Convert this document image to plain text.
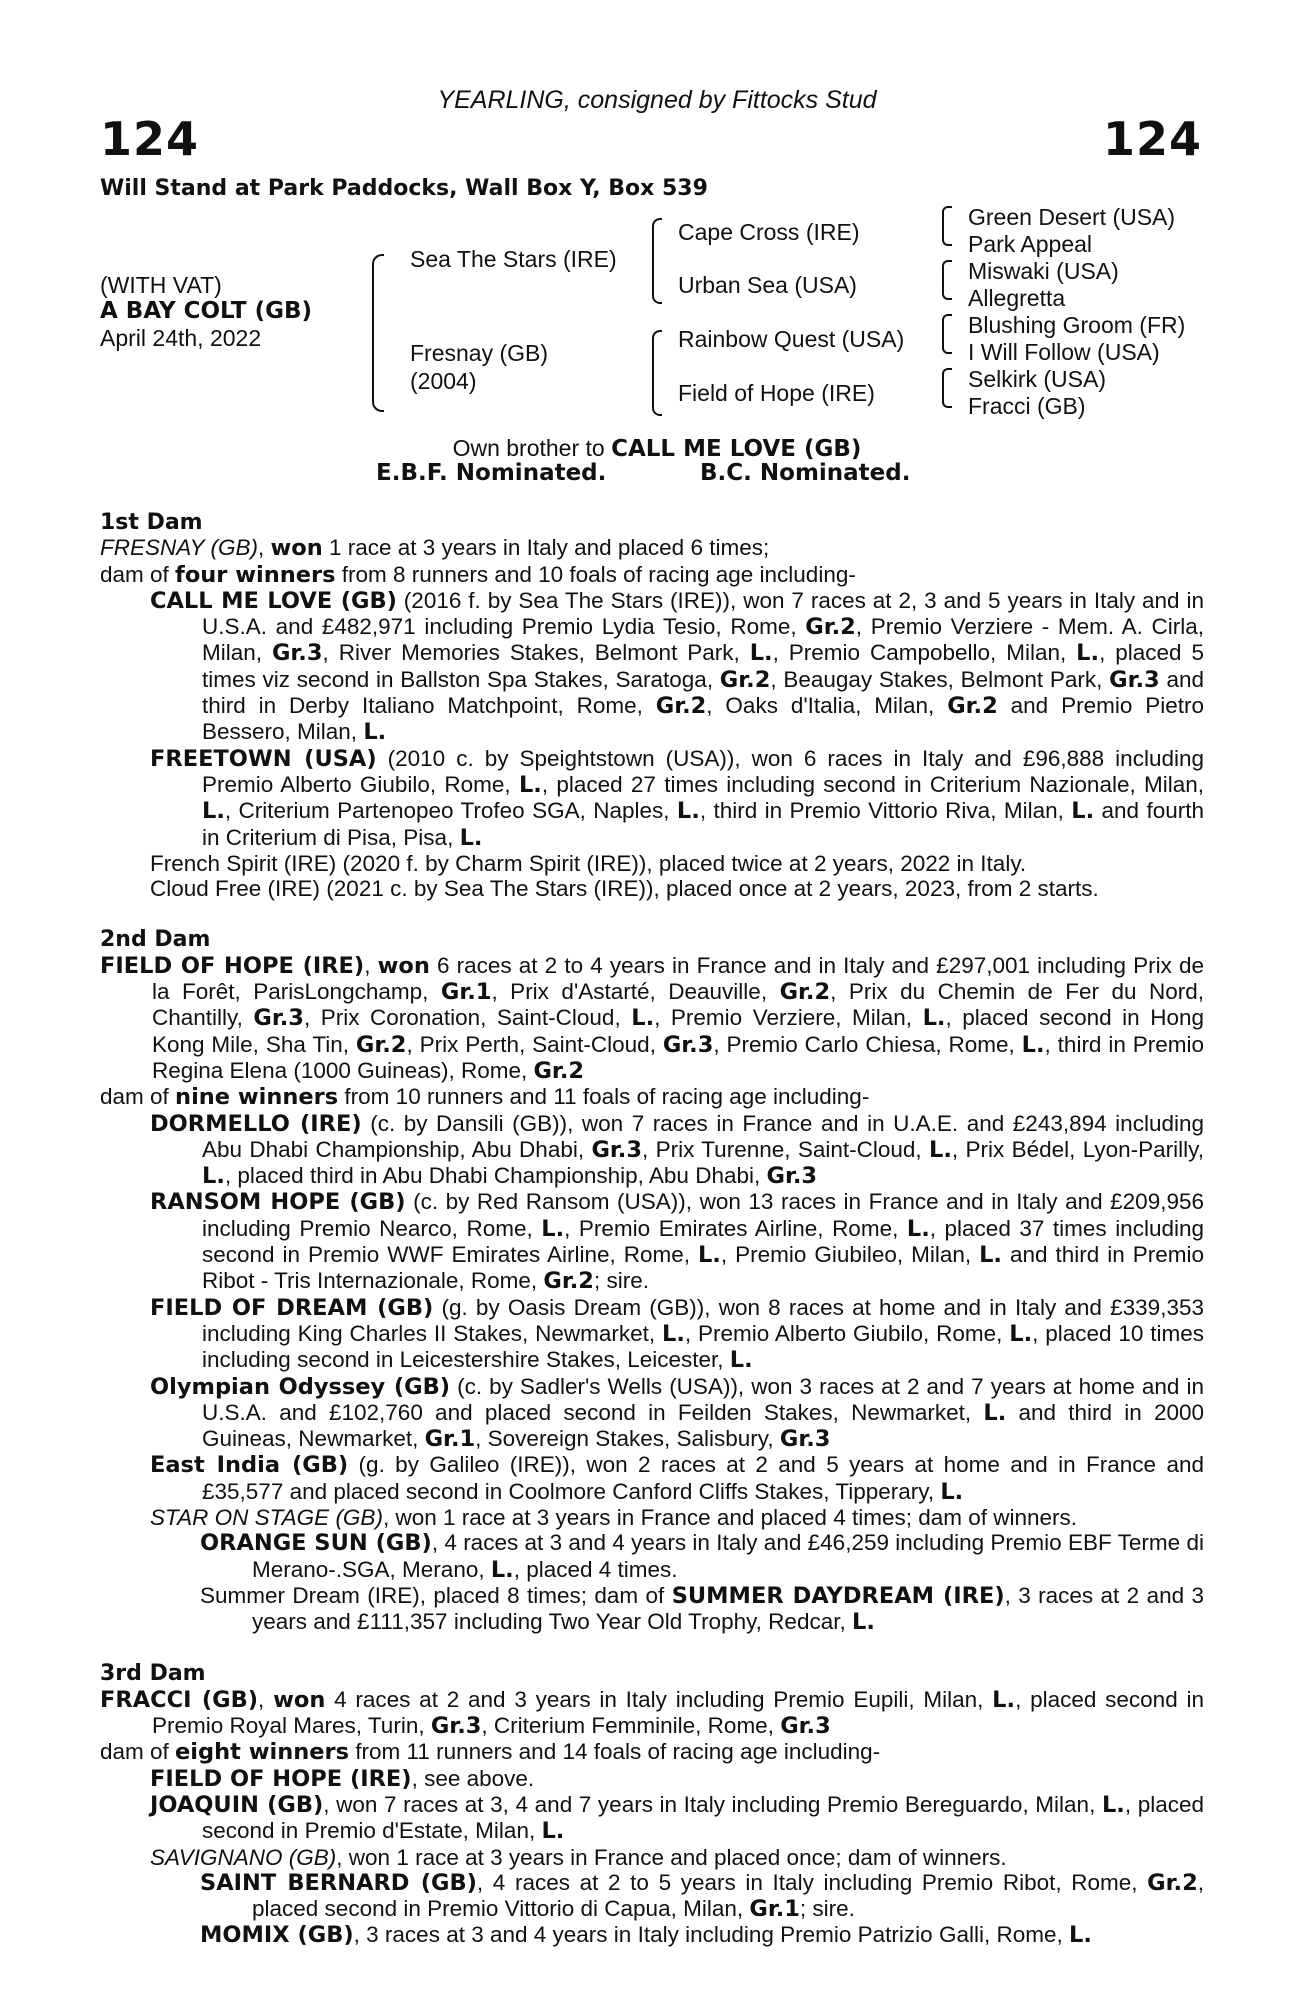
YEARLING, consigned by Fittocks Stud
124	124
Will Stand at Park Paddocks, Wall Box Y, Box 539
(WITH VAT)
A BAY COLT (GB)
April 24th, 2022
Sea The Stars (IRE)
Fresnay (GB)
(2004)
Cape Cross (IRE)
Urban Sea (USA)
Rainbow Quest (USA)
Field of Hope (IRE)
Green Desert (USA)
Park Appeal
Miswaki (USA)
Allegretta
Blushing Groom (FR)
I Will Follow (USA)
Selkirk (USA)
Fracci (GB)
Own brother to CALL ME LOVE (GB)
E.B.F. Nominated.	B.C. Nominated.
1st Dam
FRESNAY (GB), won 1 race at 3 years in Italy and placed 6 times;
dam of four winners from 8 runners and 10 foals of racing age including-
CALL ME LOVE (GB) (2016 f. by Sea The Stars (IRE)), won 7 races at 2, 3 and 5 years in Italy and in U.S.A. and £482,971 including Premio Lydia Tesio, Rome, Gr.2, Premio Verziere - Mem. A. Cirla, Milan, Gr.3, River Memories Stakes, Belmont Park, L., Premio Campobello, Milan, L., placed 5 times viz second in Ballston Spa Stakes, Saratoga, Gr.2, Beaugay Stakes, Belmont Park, Gr.3 and third in Derby Italiano Matchpoint, Rome, Gr.2, Oaks d'Italia, Milan, Gr.2 and Premio Pietro Bessero, Milan, L.
FREETOWN (USA) (2010 c. by Speightstown (USA)), won 6 races in Italy and £96,888 including Premio Alberto Giubilo, Rome, L., placed 27 times including second in Criterium Nazionale, Milan, L., Criterium Partenopeo Trofeo SGA, Naples, L., third in Premio Vittorio Riva, Milan, L. and fourth in Criterium di Pisa, Pisa, L.
French Spirit (IRE) (2020 f. by Charm Spirit (IRE)), placed twice at 2 years, 2022 in Italy.
Cloud Free (IRE) (2021 c. by Sea The Stars (IRE)), placed once at 2 years, 2023, from 2 starts.
2nd Dam
FIELD OF HOPE (IRE), won 6 races at 2 to 4 years in France and in Italy and £297,001 including Prix de la Forêt, ParisLongchamp, Gr.1, Prix d'Astarté, Deauville, Gr.2, Prix du Chemin de Fer du Nord, Chantilly, Gr.3, Prix Coronation, Saint-Cloud, L., Premio Verziere, Milan, L., placed second in Hong Kong Mile, Sha Tin, Gr.2, Prix Perth, Saint-Cloud, Gr.3, Premio Carlo Chiesa, Rome, L., third in Premio Regina Elena (1000 Guineas), Rome, Gr.2
dam of nine winners from 10 runners and 11 foals of racing age including-
DORMELLO (IRE) (c. by Dansili (GB)), won 7 races in France and in U.A.E. and £243,894 including Abu Dhabi Championship, Abu Dhabi, Gr.3, Prix Turenne, Saint-Cloud, L., Prix Bédel, Lyon-Parilly, L., placed third in Abu Dhabi Championship, Abu Dhabi, Gr.3
RANSOM HOPE (GB) (c. by Red Ransom (USA)), won 13 races in France and in Italy and £209,956 including Premio Nearco, Rome, L., Premio Emirates Airline, Rome, L., placed 37 times including second in Premio WWF Emirates Airline, Rome, L., Premio Giubileo, Milan, L. and third in Premio Ribot - Tris Internazionale, Rome, Gr.2; sire.
FIELD OF DREAM (GB) (g. by Oasis Dream (GB)), won 8 races at home and in Italy and £339,353 including King Charles II Stakes, Newmarket, L., Premio Alberto Giubilo, Rome, L., placed 10 times including second in Leicestershire Stakes, Leicester, L.
Olympian Odyssey (GB) (c. by Sadler's Wells (USA)), won 3 races at 2 and 7 years at home and in U.S.A. and £102,760 and placed second in Feilden Stakes, Newmarket, L. and third in 2000 Guineas, Newmarket, Gr.1, Sovereign Stakes, Salisbury, Gr.3
East India (GB) (g. by Galileo (IRE)), won 2 races at 2 and 5 years at home and in France and £35,577 and placed second in Coolmore Canford Cliffs Stakes, Tipperary, L.
STAR ON STAGE (GB), won 1 race at 3 years in France and placed 4 times; dam of winners.
ORANGE SUN (GB), 4 races at 3 and 4 years in Italy and £46,259 including Premio EBF Terme di Merano-.SGA, Merano, L., placed 4 times.
Summer Dream (IRE), placed 8 times; dam of SUMMER DAYDREAM (IRE), 3 races at 2 and 3 years and £111,357 including Two Year Old Trophy, Redcar, L.
3rd Dam
FRACCI (GB), won 4 races at 2 and 3 years in Italy including Premio Eupili, Milan, L., placed second in Premio Royal Mares, Turin, Gr.3, Criterium Femminile, Rome, Gr.3
dam of eight winners from 11 runners and 14 foals of racing age including-
FIELD OF HOPE (IRE), see above.
JOAQUIN (GB), won 7 races at 3, 4 and 7 years in Italy including Premio Bereguardo, Milan, L., placed second in Premio d'Estate, Milan, L.
SAVIGNANO (GB), won 1 race at 3 years in France and placed once; dam of winners.
SAINT BERNARD (GB), 4 races at 2 to 5 years in Italy including Premio Ribot, Rome, Gr.2, placed second in Premio Vittorio di Capua, Milan, Gr.1; sire.
MOMIX (GB), 3 races at 3 and 4 years in Italy including Premio Patrizio Galli, Rome, L.
